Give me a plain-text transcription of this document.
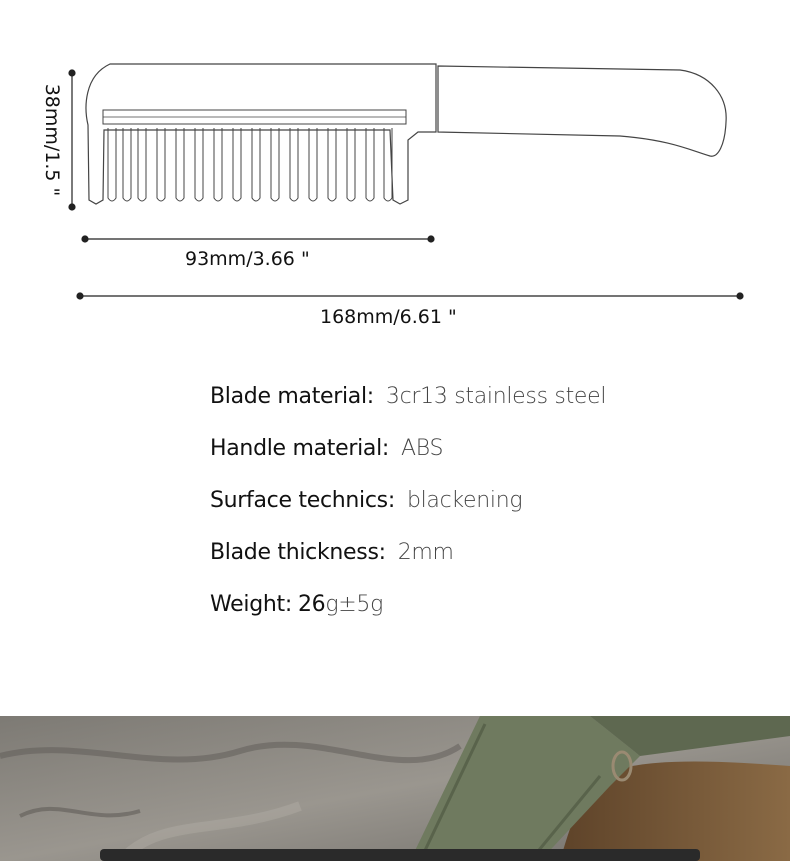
38mm/1.5 "
93mm/3.66 "
168mm/6.61 "
Blade material: 3cr13 stainless steel
Handle material: ABS
Surface technics: blackening
Blade thickness: 2mm
Weight: 26 g±5g
